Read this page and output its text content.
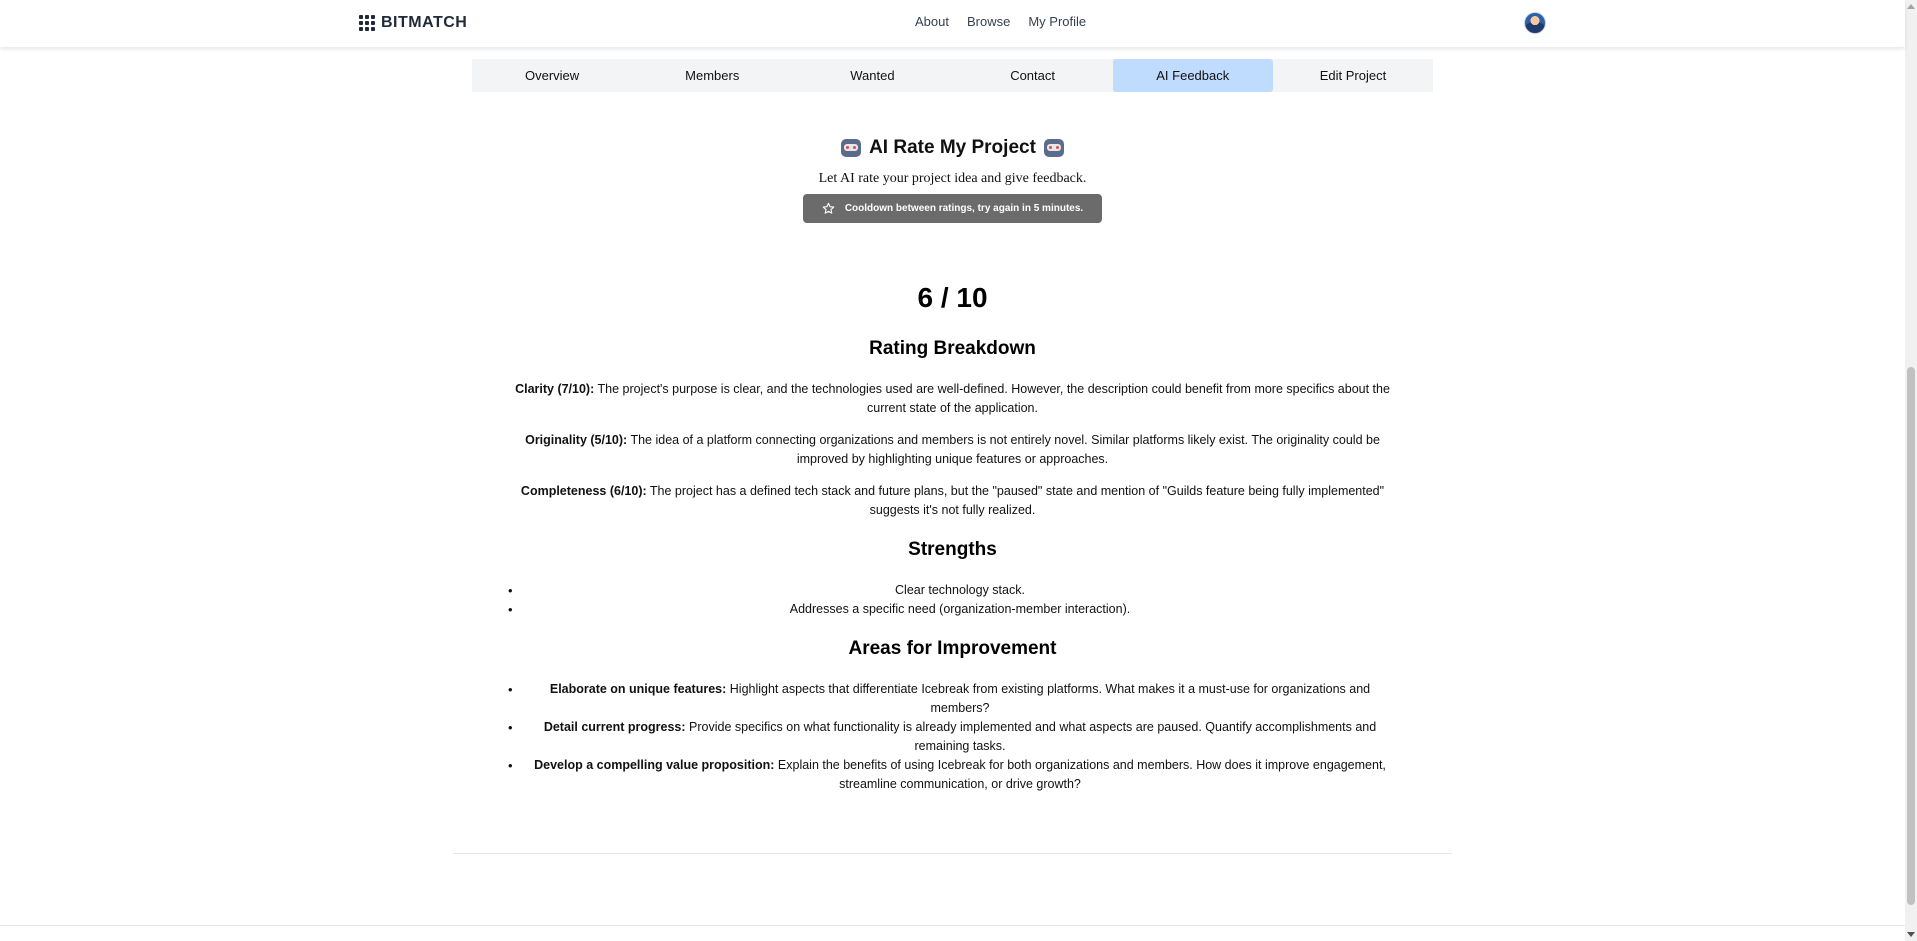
BITMATCH	About Browse My Profile
Overview	Members	Wanted	Contact	AI Feedback	Edit Project
AI Rate My Project
Let AI rate your project idea and give feedback.
Cooldown between ratings, try again in 5 minutes.
6 / 10
Rating Breakdown
Clarity (7/10): The project's purpose is clear, and the technologies used are well-defined. However, the description could benefit from more specifics about the current state of the application.
Originality (5/10): The idea of a platform connecting organizations and members is not entirely novel. Similar platforms likely exist. The originality could be improved by highlighting unique features or approaches.
Completeness (6/10): The project has a defined tech stack and future plans, but the "paused" state and mention of "Guilds feature being fully implemented" suggests it's not fully realized.
Strengths
• Clear technology stack.
• Addresses a specific need (organization-member interaction).
Areas for Improvement
• Elaborate on unique features: Highlight aspects that differentiate Icebreak from existing platforms. What makes it a must-use for organizations and members?
• Detail current progress: Provide specifics on what functionality is already implemented and what aspects are paused. Quantify accomplishments and remaining tasks.
• Develop a compelling value proposition: Explain the benefits of using Icebreak for both organizations and members. How does it improve engagement, streamline communication, or drive growth?
